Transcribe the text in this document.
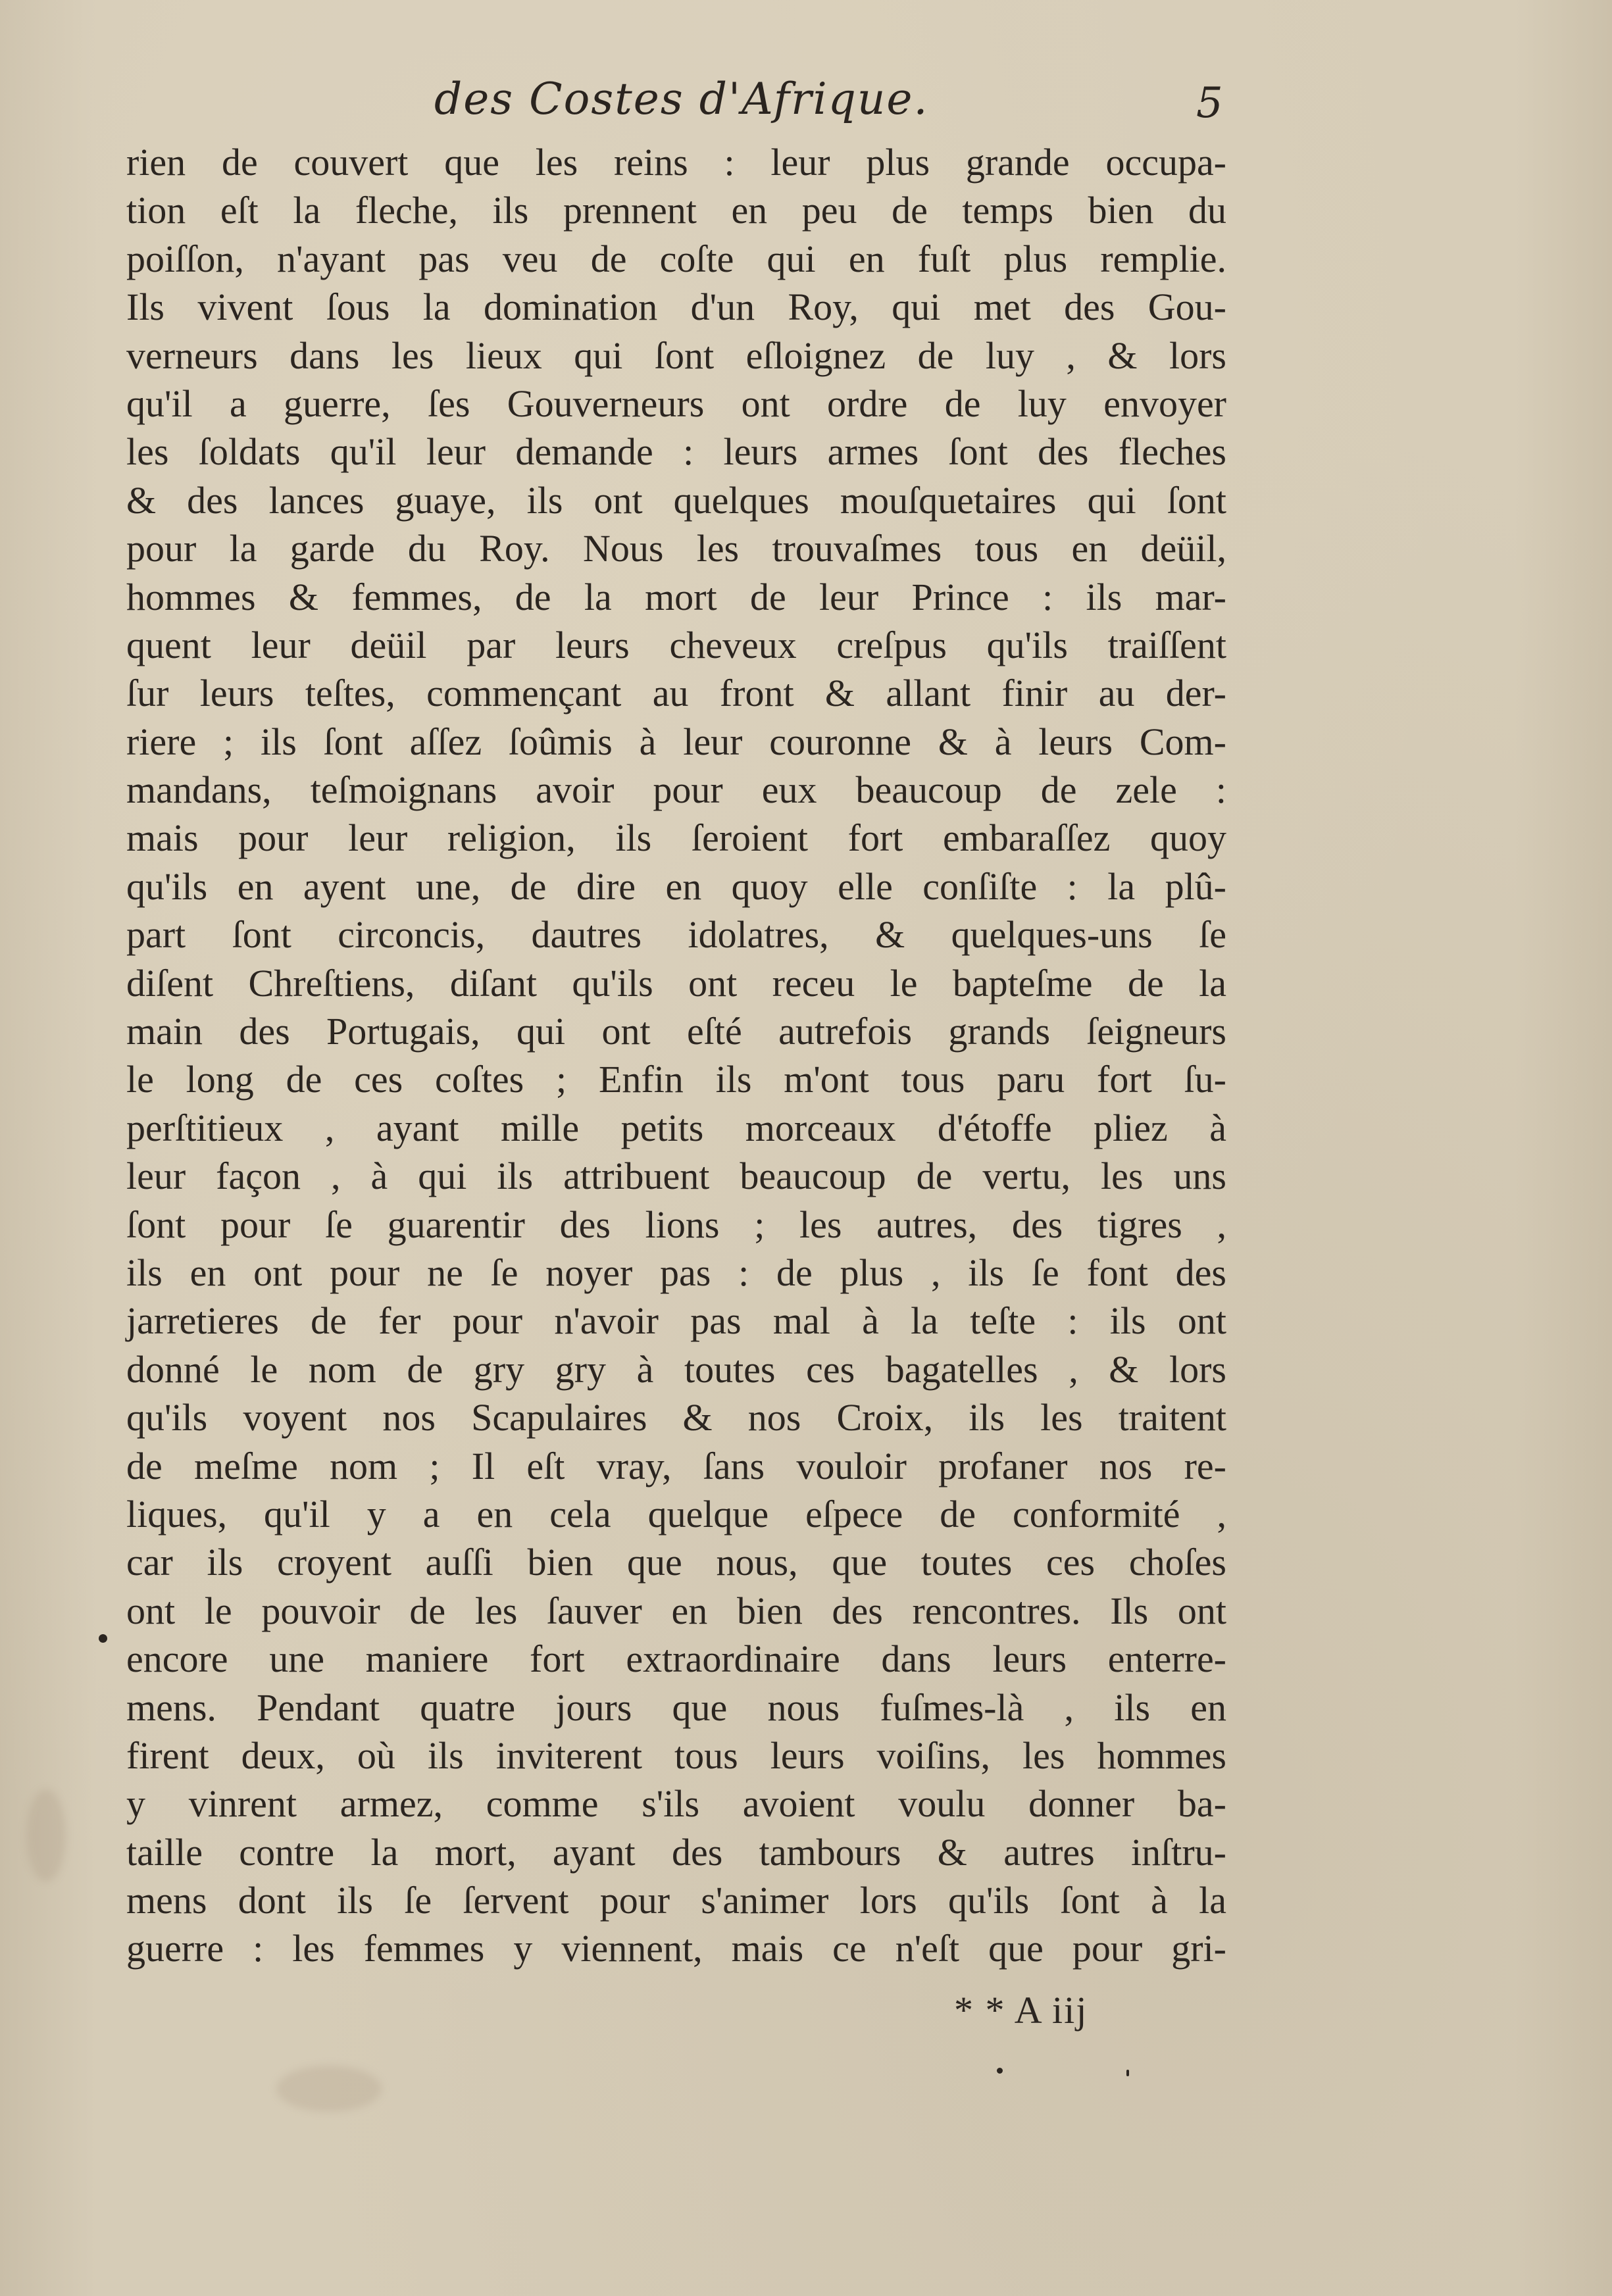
des Costes d'Afrique.	5
rien de couvert que les reins : leur plus grande occupa-
tion eſt la fleche, ils prennent en peu de temps bien du
poiſſon, n'ayant pas veu de coſte qui en fuſt plus remplie.
Ils vivent ſous la domination d'un Roy, qui met des Gou-
verneurs dans les lieux qui ſont eſloignez de luy , & lors
qu'il a guerre, ſes Gouverneurs ont ordre de luy envoyer
les ſoldats qu'il leur demande : leurs armes ſont des fleches
& des lances guaye, ils ont quelques mouſquetaires qui ſont
pour la garde du Roy. Nous les trouvaſmes tous en deüil,
hommes & femmes, de la mort de leur Prince : ils mar-
quent leur deüil par leurs cheveux creſpus qu'ils traiſſent
ſur leurs teſtes, commençant au front & allant finir au der-
riere ; ils ſont aſſez ſoûmis à leur couronne & à leurs Com-
mandans, teſmoignans avoir pour eux beaucoup de zele :
mais pour leur religion, ils ſeroient fort embaraſſez quoy
qu'ils en ayent une, de dire en quoy elle conſiſte : la plû-
part ſont circoncis, dautres idolatres, & quelques-uns ſe
diſent Chreſtiens, diſant qu'ils ont receu le bapteſme de la
main des Portugais, qui ont eſté autrefois grands ſeigneurs
le long de ces coſtes ; Enfin ils m'ont tous paru fort ſu-
perſtitieux , ayant mille petits morceaux d'étoffe pliez à
leur façon , à qui ils attribuent beaucoup de vertu, les uns
ſont pour ſe guarentir des lions ; les autres, des tigres ,
ils en ont pour ne ſe noyer pas : de plus , ils ſe font des
jarretieres de fer pour n'avoir pas mal à la teſte : ils ont
donné le nom de gry gry à toutes ces bagatelles , & lors
qu'ils voyent nos Scapulaires & nos Croix, ils les traitent
de meſme nom ; Il eſt vray, ſans vouloir profaner nos re-
liques, qu'il y a en cela quelque eſpece de conformité ,
car ils croyent auſſi bien que nous, que toutes ces choſes
ont le pouvoir de les ſauver en bien des rencontres. Ils ont
encore une maniere fort extraordinaire dans leurs enterre-
mens. Pendant quatre jours que nous fuſmes-là , ils en
firent deux, où ils inviterent tous leurs voiſins, les hommes
y vinrent armez, comme s'ils avoient voulu donner ba-
taille contre la mort, ayant des tambours & autres inſtru-
mens dont ils ſe ſervent pour s'animer lors qu'ils ſont à la
guerre : les femmes y viennent, mais ce n'eſt que pour gri-
* * A iij
